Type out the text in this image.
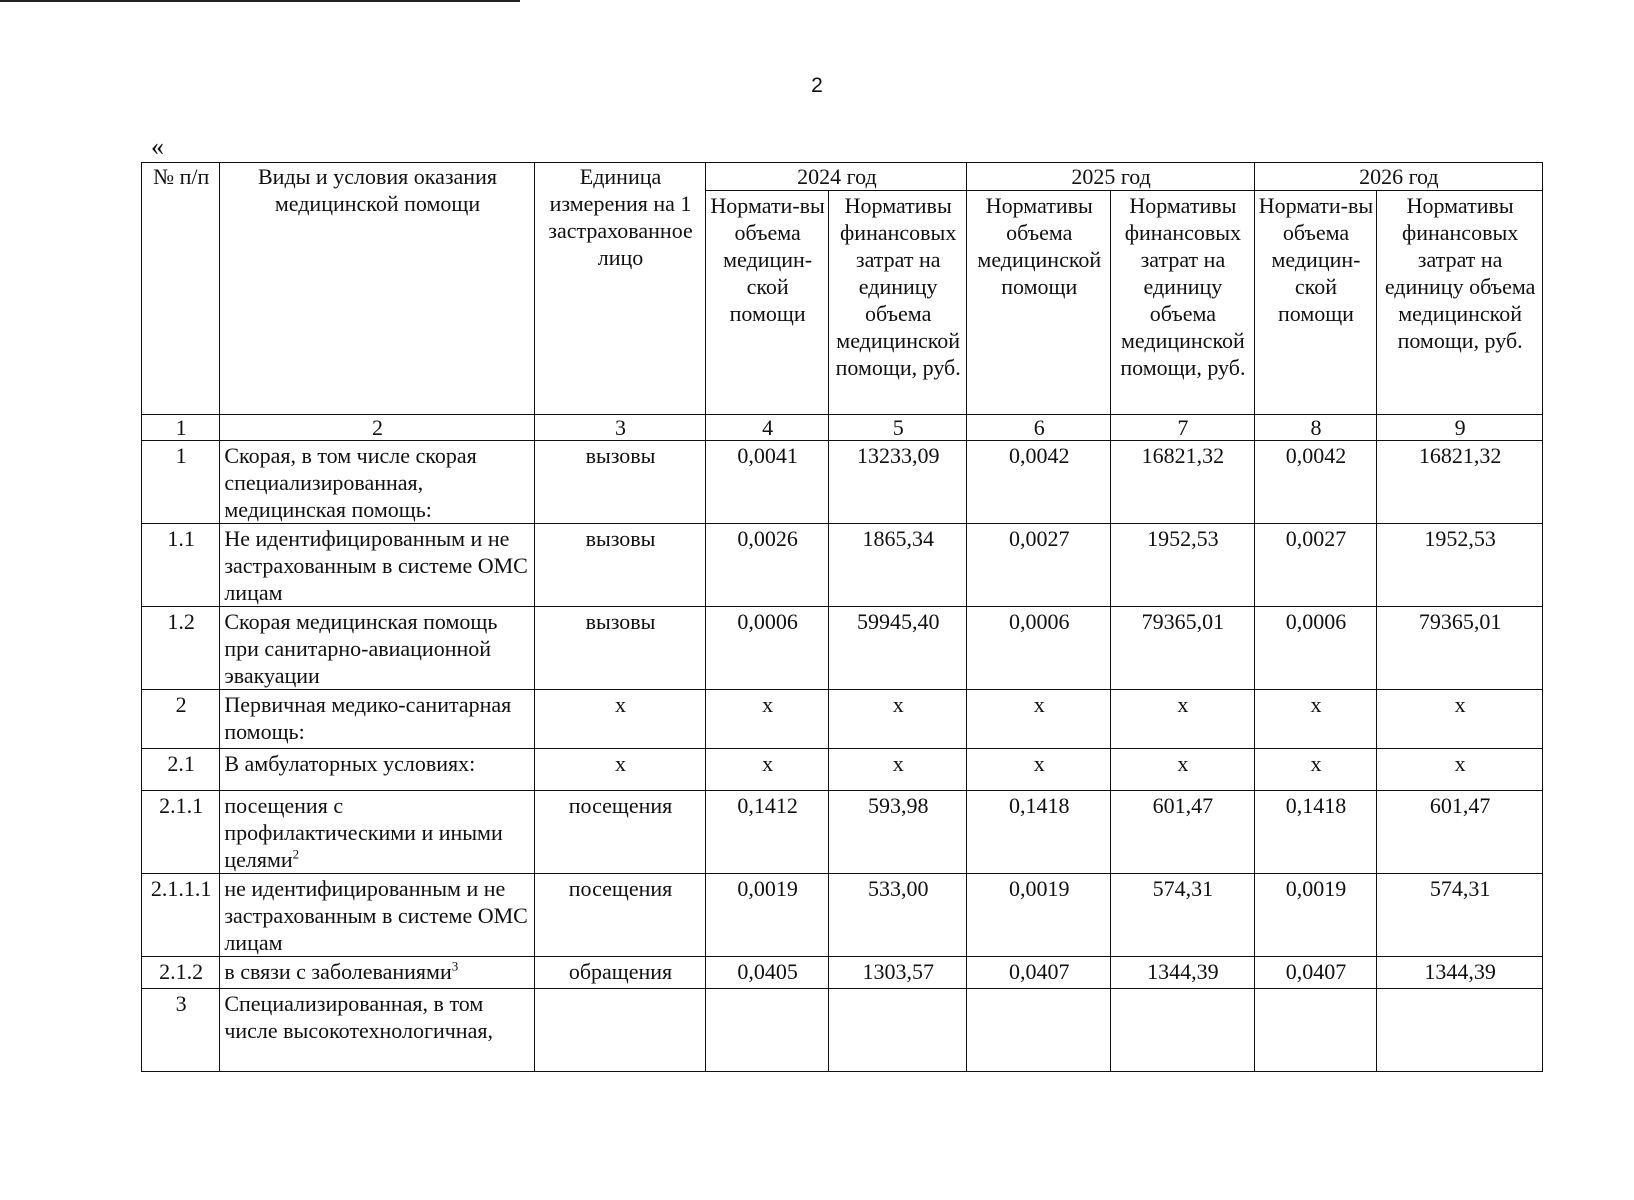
2
«
№ п/п	Виды и условия оказания медицинской помощи	Единица измерения на 1 застрахованное лицо	2024 год		2025 год		2026 год	
			Нормати-вы объема медицин-ской помощи	Нормативы финансовых затрат на единицу объема медицинской помощи, руб.	Нормативы объема медицинской помощи	Нормативы финансовых затрат на единицу объема медицинской помощи, руб.	Нормати-вы объема медицин-ской помощи	Нормативы финансовых затрат на единицу объема медицинской помощи, руб.
1	2	3	4	5	6	7	8	9
1	Скорая, в том числе скорая специализированная, медицинская помощь:	вызовы	0,0041	13233,09	0,0042	16821,32	0,0042	16821,32
1.1	Не идентифицированным и не застрахованным в системе ОМС лицам	вызовы	0,0026	1865,34	0,0027	1952,53	0,0027	1952,53
1.2	Скорая медицинская помощь при санитарно-авиационной эвакуации	вызовы	0,0006	59945,40	0,0006	79365,01	0,0006	79365,01
2	Первичная медико-санитарная помощь:	х	х	х	х	х	х	х
2.1	В амбулаторных условиях:	х	х	х	х	х	х	х
2.1.1	посещения с профилактическими и иными целями$^2$	посещения	0,1412	593,98	0,1418	601,47	0,1418	601,47
2.1.1.1	не идентифицированным и не застрахованным в системе ОМС лицам	посещения	0,0019	533,00	0,0019	574,31	0,0019	574,31
2.1.2	в связи с заболеваниями$^3$	обращения	0,0405	1303,57	0,0407	1344,39	0,0407	1344,39
3	Специализированная, в том числе высокотехнологичная,							
